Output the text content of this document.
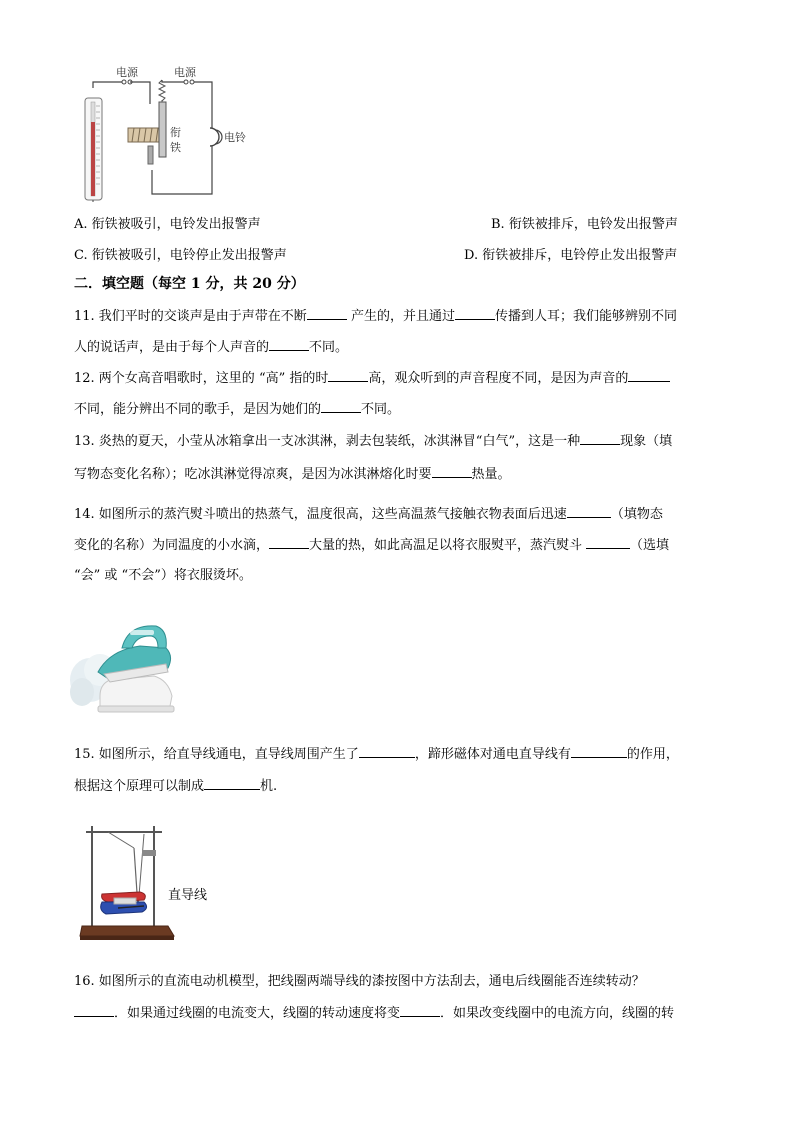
电源	电源
衔
铁
电铃
A. 衔铁被吸引，电铃发出报警声	B. 衔铁被排斥，电铃发出报警声
C. 衔铁被吸引，电铃停止发出报警声	D. 衔铁被排斥，电铃停止发出报警声
二．填空题（每空 1 分，共 20 分）
11. 我们平时的交谈声是由于声带在不断	产生的，并且通过	传播到人耳；我们能够辨别不同
人的说话声，是由于每个人声音的	不同。
12. 两个女高音唱歌时，这里的 “高” 指的时	高，观众听到的声音程度不同，是因为声音的
不同，能分辨出不同的歌手，是因为她们的	不同。
13. 炎热的夏天，小莹从冰箱拿出一支冰淇淋，剥去包装纸，冰淇淋冒“白气”，这是一种	现象（填
写物态变化名称）；吃冰淇淋觉得凉爽，是因为冰淇淋熔化时要	热量。
14. 如图所示的蒸汽熨斗喷出的热蒸气，温度很高，这些高温蒸气接触衣物表面后迅速	（填物态
变化的名称）为同温度的小水滴，	大量的热，如此高温足以将衣服熨平，蒸汽熨斗	（选填
“会” 或 “不会”）将衣服烫坏。
15. 如图所示，给直导线通电，直导线周围产生了	，蹄形磁体对通电直导线有	的作用，
根据这个原理可以制成	机.
直导线
16. 如图所示的直流电动机模型，把线圈两端导线的漆按图中方法刮去，通电后线圈能否连续转动？
．如果通过线圈的电流变大，线圈的转动速度将变	．如果改变线圈中的电流方向，线圈的转
